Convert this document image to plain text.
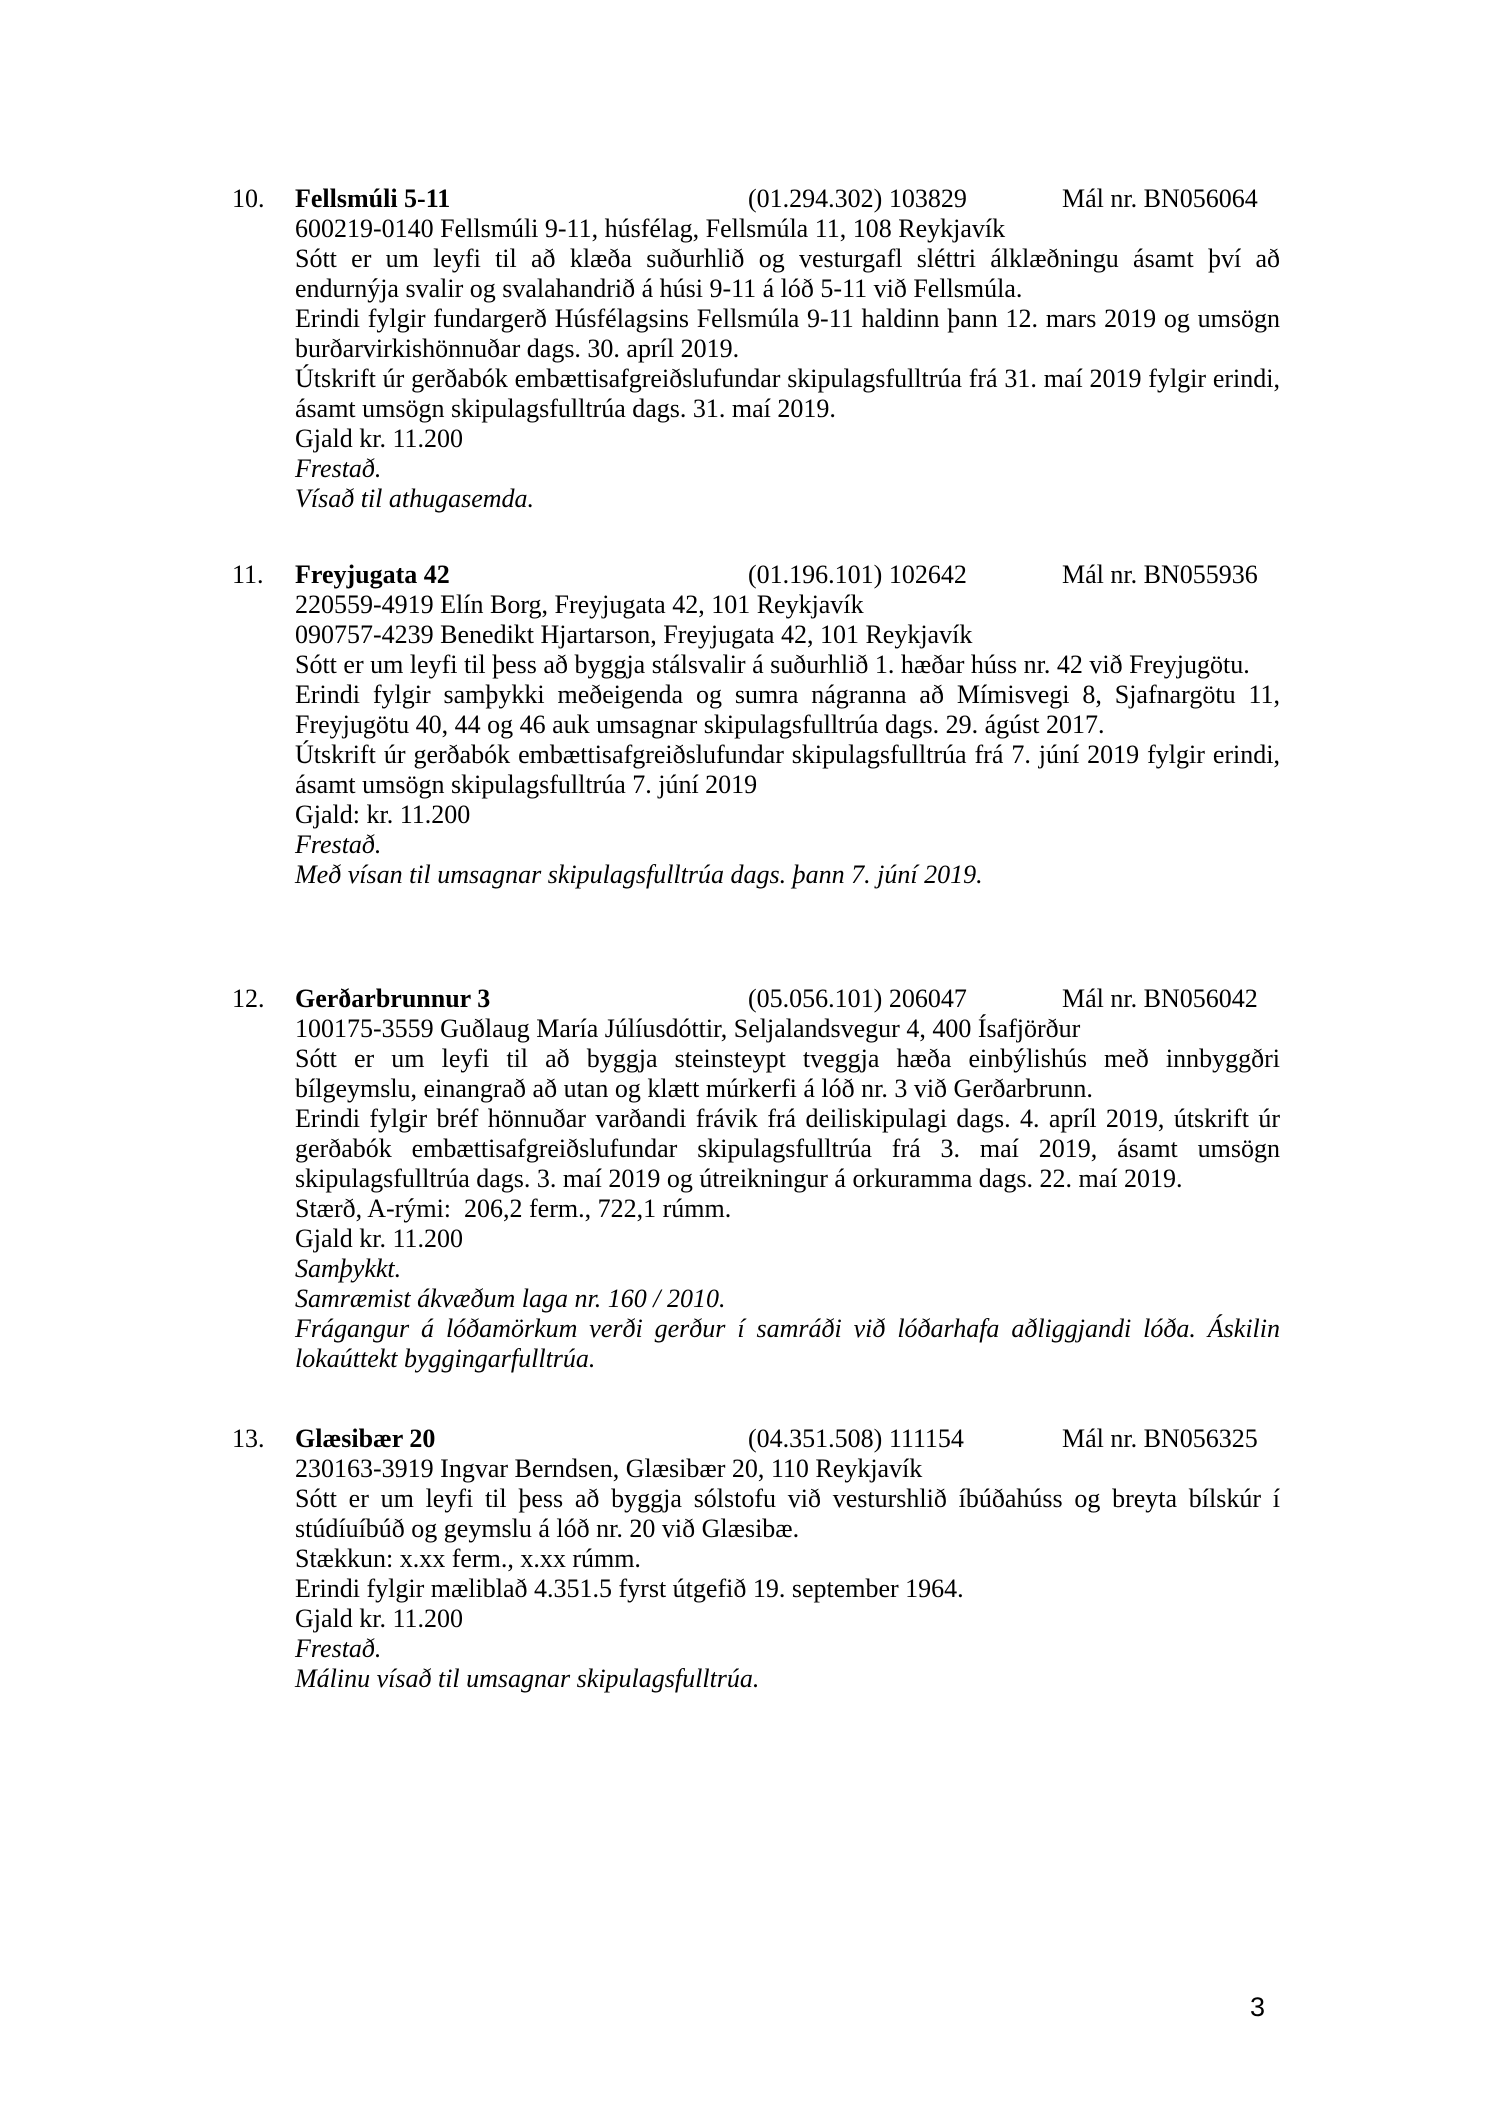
10.	Fellsmúli 5-11	(01.294.302) 103829	Mál nr. BN056064

600219-0140 Fellsmúli 9-11, húsfélag, Fellsmúla 11, 108 Reykjavík

Sótt er um leyfi til að klæða suðurhlið og vesturgafl sléttri álklæðningu ásamt því að endurnýja svalir og svalahandrið á húsi 9-11 á lóð 5-11 við Fellsmúla.

Erindi fylgir fundargerð Húsfélagsins Fellsmúla 9-11 haldinn þann 12. mars 2019 og umsögn burðarvirkishönnuðar dags. 30. apríl 2019.

Útskrift úr gerðabók embættisafgreiðslufundar skipulagsfulltrúa frá 31. maí 2019 fylgir erindi, ásamt umsögn skipulagsfulltrúa dags. 31. maí 2019.

Gjald kr. 11.200

Frestað.

Vísað til athugasemda.

11.	Freyjugata 42	(01.196.101) 102642	Mál nr. BN055936

220559-4919 Elín Borg, Freyjugata 42, 101 Reykjavík

090757-4239 Benedikt Hjartarson, Freyjugata 42, 101 Reykjavík

Sótt er um leyfi til þess að byggja stálsvalir á suðurhlið 1. hæðar húss nr. 42 við Freyjugötu.

Erindi fylgir samþykki meðeigenda og sumra nágranna að Mímisvegi 8, Sjafnargötu 11, Freyjugötu 40, 44 og 46 auk umsagnar skipulagsfulltrúa dags. 29. ágúst 2017.

Útskrift úr gerðabók embættisafgreiðslufundar skipulagsfulltrúa frá 7. júní 2019 fylgir erindi, ásamt umsögn skipulagsfulltrúa 7. júní 2019

Gjald: kr. 11.200

Frestað.

Með vísan til umsagnar skipulagsfulltrúa dags. þann 7. júní 2019.

12.	Gerðarbrunnur 3	(05.056.101) 206047	Mál nr. BN056042

100175-3559 Guðlaug María Júlíusdóttir, Seljalandsvegur 4, 400 Ísafjörður

Sótt er um leyfi til að byggja steinsteypt tveggja hæða einbýlishús með innbyggðri bílgeymslu, einangrað að utan og klætt múrkerfi á lóð nr. 3 við Gerðarbrunn.

Erindi fylgir bréf hönnuðar varðandi frávik frá deiliskipulagi dags. 4. apríl 2019, útskrift úr gerðabók embættisafgreiðslufundar skipulagsfulltrúa frá 3. maí 2019, ásamt umsögn skipulagsfulltrúa dags. 3. maí 2019 og útreikningur á orkuramma dags. 22. maí 2019.

Stærð, A-rými:  206,2 ferm., 722,1 rúmm.

Gjald kr. 11.200

Samþykkt.

Samræmist ákvæðum laga nr. 160 / 2010.

Frágangur á lóðamörkum verði gerður í samráði við lóðarhafa aðliggjandi lóða. Áskilin lokaúttekt byggingarfulltrúa.

13.	Glæsibær 20	(04.351.508) 111154	Mál nr. BN056325

230163-3919 Ingvar Berndsen, Glæsibær 20, 110 Reykjavík

Sótt er um leyfi til þess að byggja sólstofu við vesturshlið íbúðahúss og breyta bílskúr í stúdíuíbúð og geymslu á lóð nr. 20 við Glæsibæ.

Stækkun: x.xx ferm., x.xx rúmm.

Erindi fylgir mæliblað 4.351.5 fyrst útgefið 19. september 1964.

Gjald kr. 11.200

Frestað.

Málinu vísað til umsagnar skipulagsfulltrúa.

3
